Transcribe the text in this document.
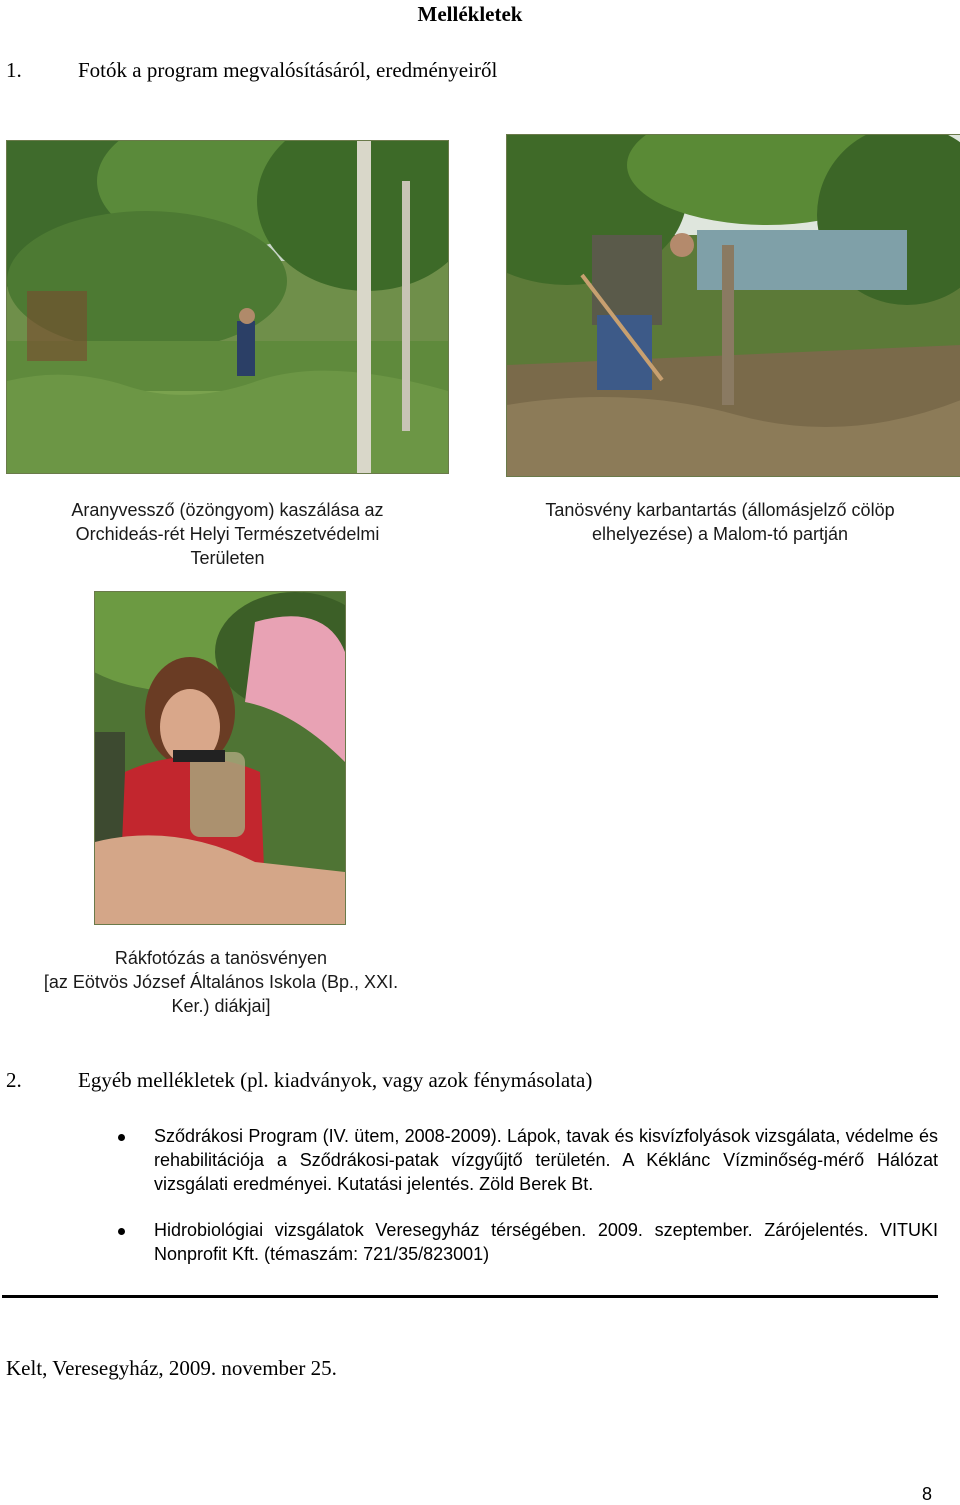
Mellékletek
1.	Fotók a program megvalósításáról, eredményeiről
Aranyvessző (özöngyom) kaszálása az
Orchideás-rét Helyi Természetvédelmi
Területen
Tanösvény karbantartás (állomásjelző cölöp
elhelyezése) a Malom-tó partján
Rákfotózás a tanösvényen
[az Eötvös József Általános Iskola (Bp., XXI.
Ker.) diákjai]
2.	Egyéb mellékletek (pl. kiadványok, vagy azok fénymásolata)
Sződrákosi Program (IV. ütem, 2008-2009). Lápok, tavak és kisvízfolyások vizsgálata, védelme és rehabilitációja a Sződrákosi-patak vízgyűjtő területén. A Kéklánc Vízminőség-mérő Hálózat vizsgálati eredményei. Kutatási jelentés. Zöld Berek Bt.
Hidrobiológiai vizsgálatok Veresegyház térségében. 2009. szeptember. Zárójelentés. VITUKI Nonprofit Kft. (témaszám: 721/35/823001)
Kelt, Veresegyház, 2009. november 25.
8
